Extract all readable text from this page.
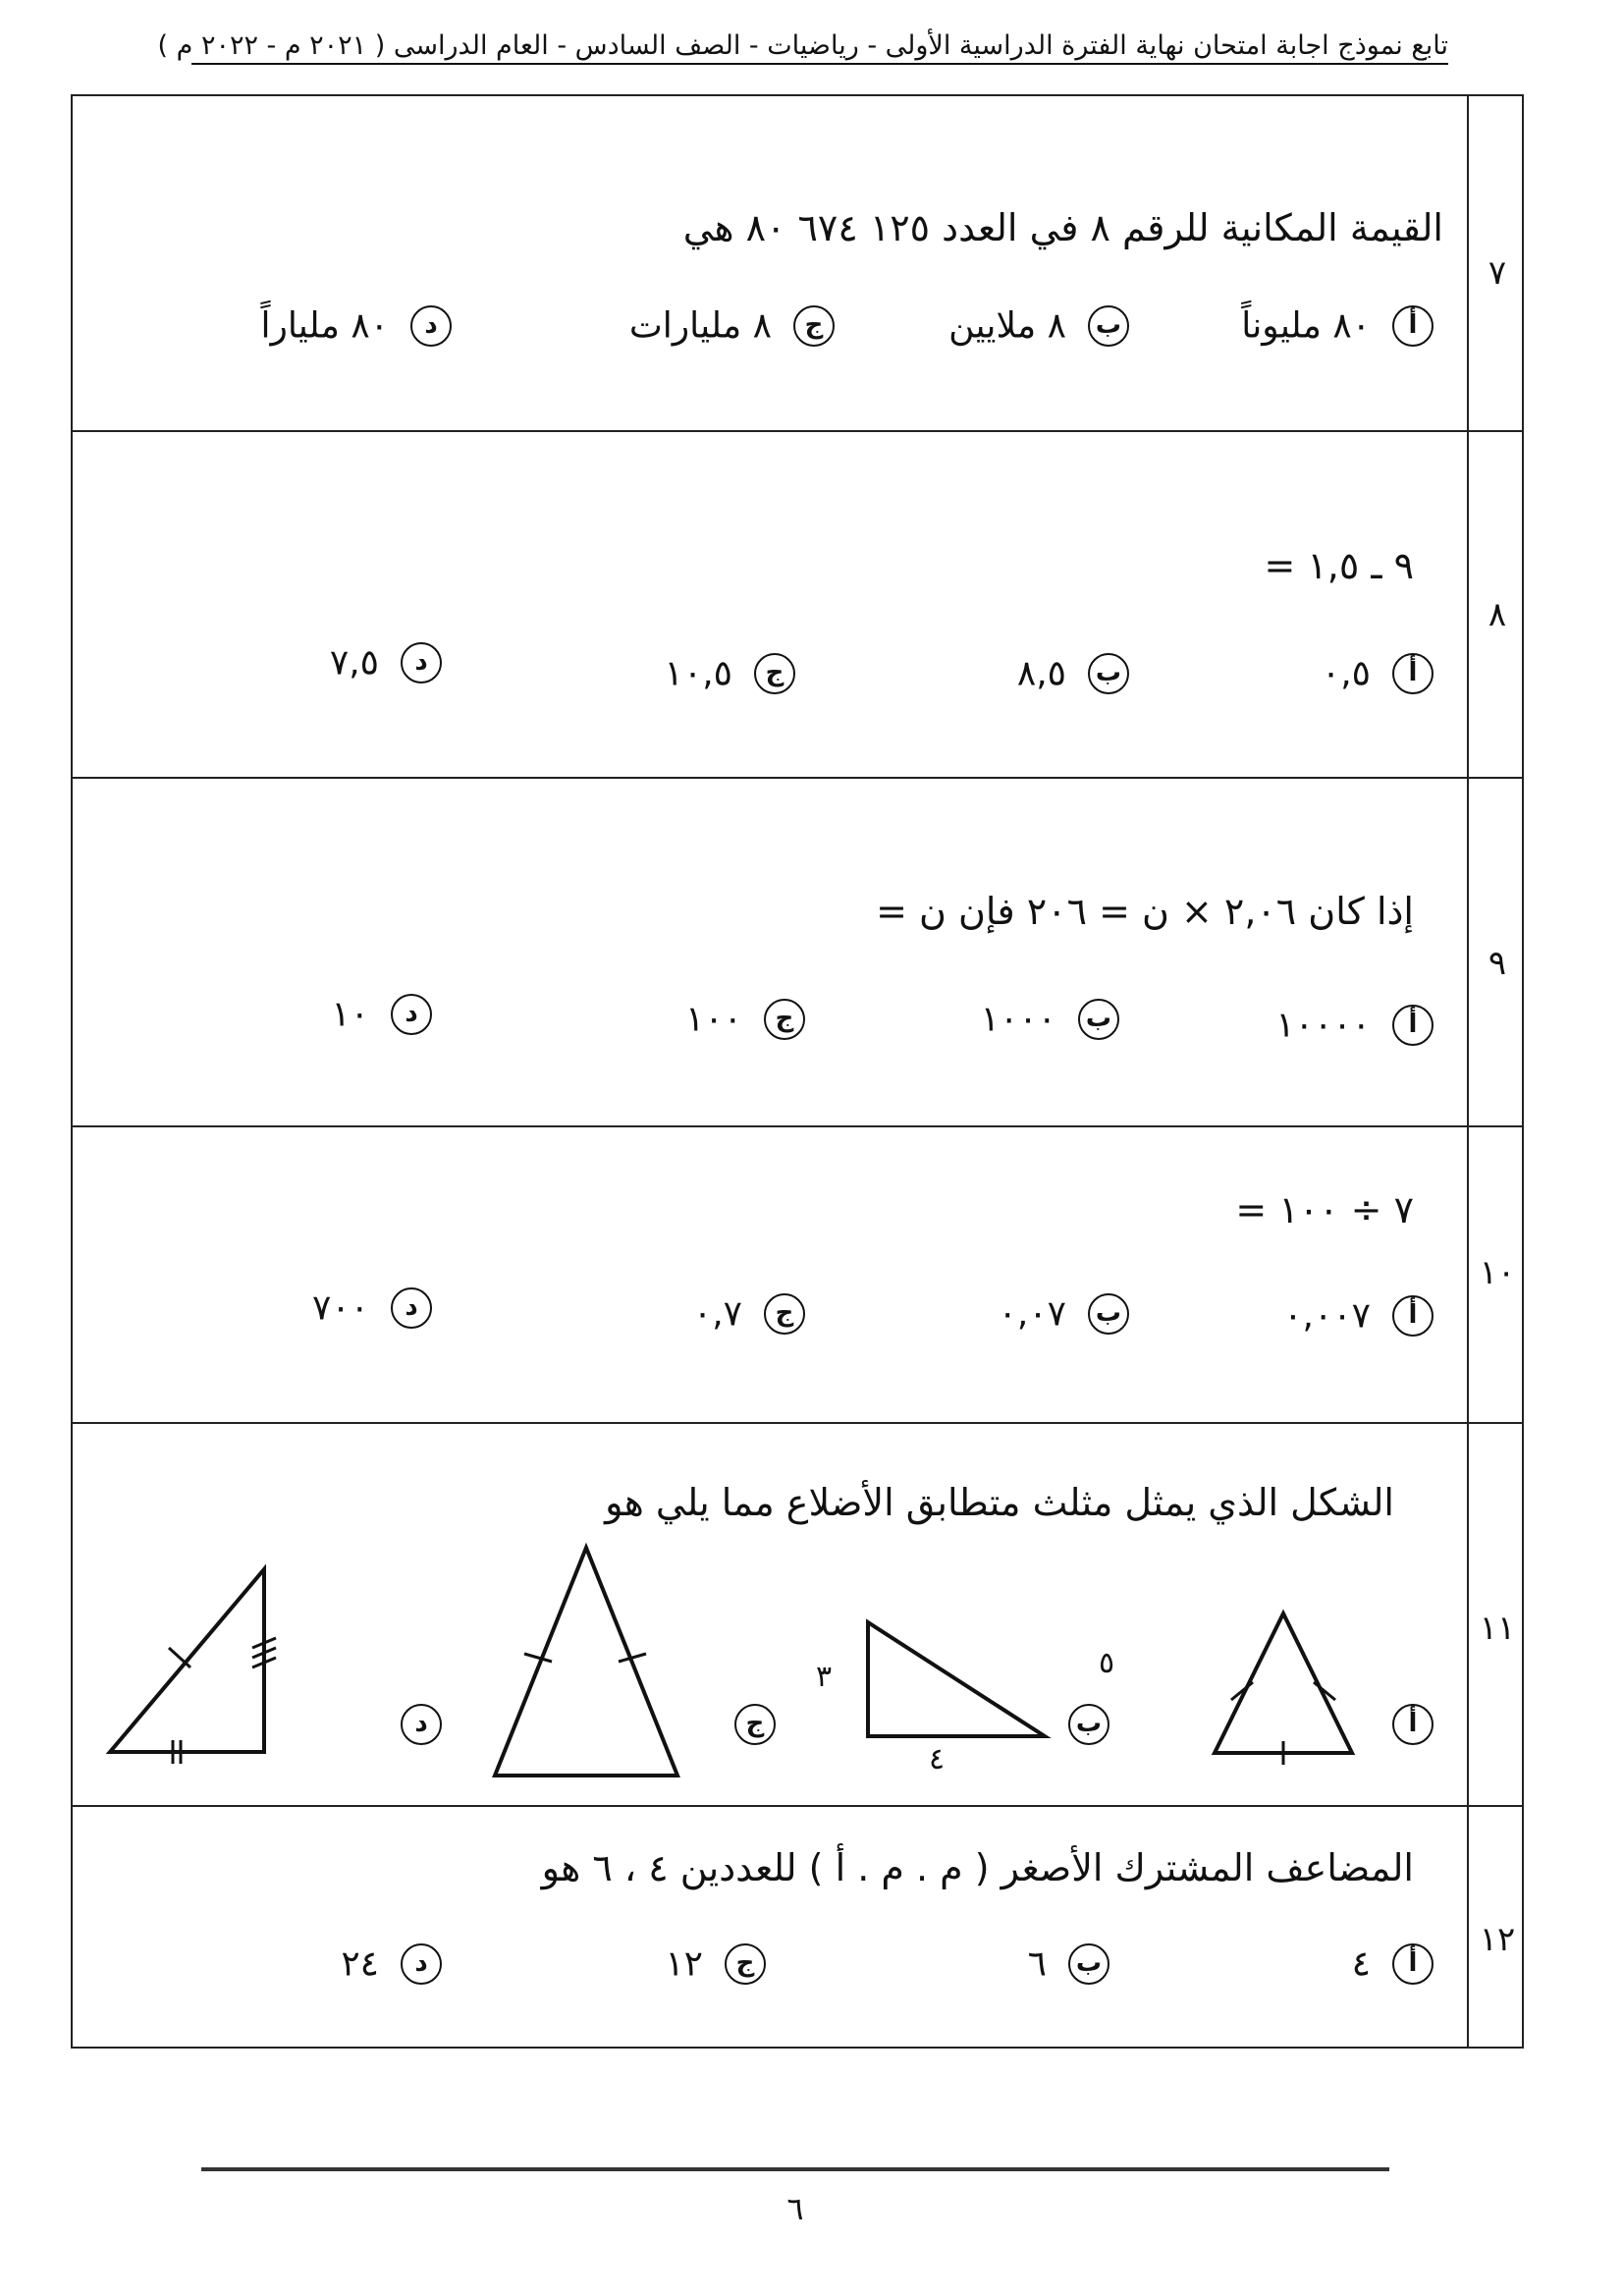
تابع نموذج اجابة امتحان نهاية الفترة الدراسية الأولى - رياضيات - الصف السادس - العام الدراسى ( ٢٠٢١ م - ٢٠٢٢ م )
٧
القيمة المكانية للرقم ٨ في العدد ١٢٥ ٦٧٤ ٨٠ هي
أ٨٠ مليوناً
ب٨ ملايين
ج٨ مليارات
د٨٠ ملياراً
٨
٩ ـ ١,٥ =
أ٠,٥
ب٨,٥
ج١٠,٥
د٧,٥
٩
إذا كان ٢,٠٦ × ن = ٢٠٦ فإن ن =
أ١٠٠٠٠
ب١٠٠٠
ج١٠٠
د١٠
١٠
٧ ÷ ١٠٠ =
أ٠,٠٠٧
ب٠,٠٧
ج٠,٧
د٧٠٠
١١
الشكل الذي يمثل مثلث متطابق الأضلاع مما يلي هو
أ
ب
ج
د
٥
٣
٤
١٢
المضاعف المشترك الأصغر ( م . م . أ ) للعددين ٤ ، ٦ هو
أ٤
ب٦
ج١٢
د٢٤
٦
